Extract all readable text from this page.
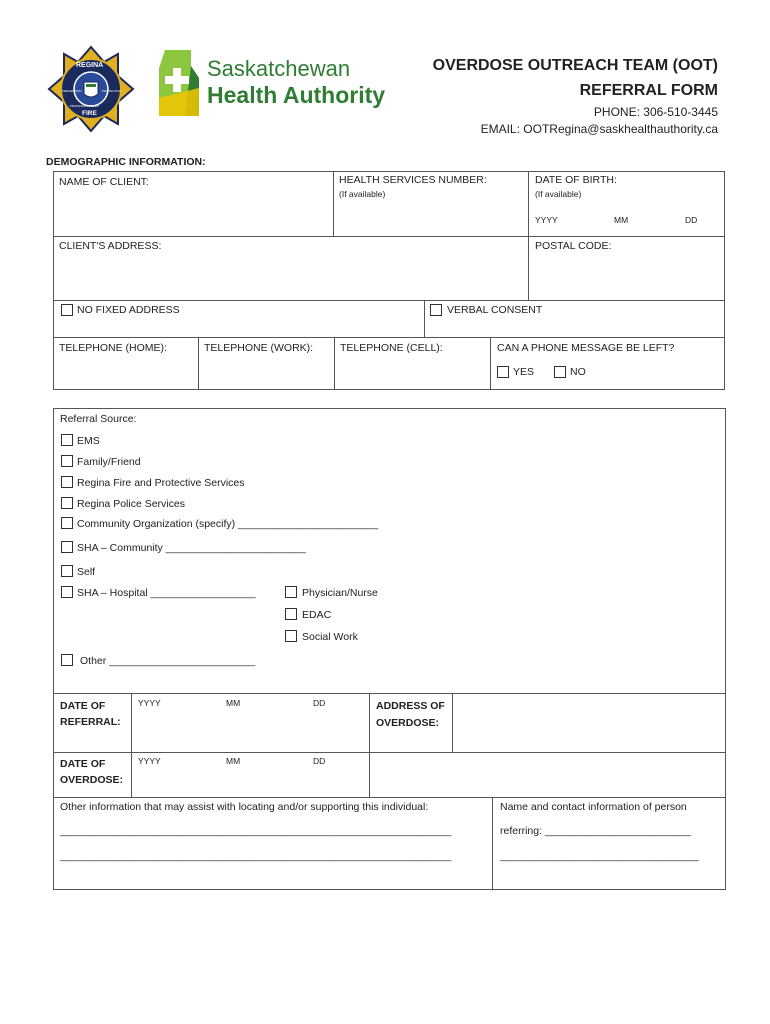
REGINA
FIRE
PREVENTION	PROTECTION
PROFESSIONALISM
Saskatchewan
Health Authority
OVERDOSE OUTREACH TEAM (OOT)
REFERRAL FORM
PHONE: 306-510-3445
EMAIL: OOTRegina@saskhealthauthority.ca
DEMOGRAPHIC INFORMATION:
NAME OF CLIENT:	HEALTH SERVICES NUMBER:
(If available)
DATE OF BIRTH:
(If available)
YYYY	MM	DD
CLIENT'S ADDRESS:	POSTAL CODE:
NO FIXED ADDRESS	VERBAL CONSENT
TELEPHONE (HOME):	TELEPHONE (WORK):	TELEPHONE (CELL):	CAN A PHONE MESSAGE BE LEFT?
YES	NO
Referral Source:
EMS
Family/Friend
Regina Fire and Protective Services
Regina Police Services
Community Organization (specify) ________________________
SHA – Community ________________________
Self
SHA – Hospital __________________	Physician/Nurse
EDAC
Social Work
Other _________________________
DATE OF REFERRAL:
YYYY	MM	DD	ADDRESS OF OVERDOSE:
DATE OF OVERDOSE:
YYYY	MM	DD
Other information that may assist with locating and/or supporting this individual:
___________________________________________________________________
___________________________________________________________________
Name and contact information of person
referring: _________________________
__________________________________
